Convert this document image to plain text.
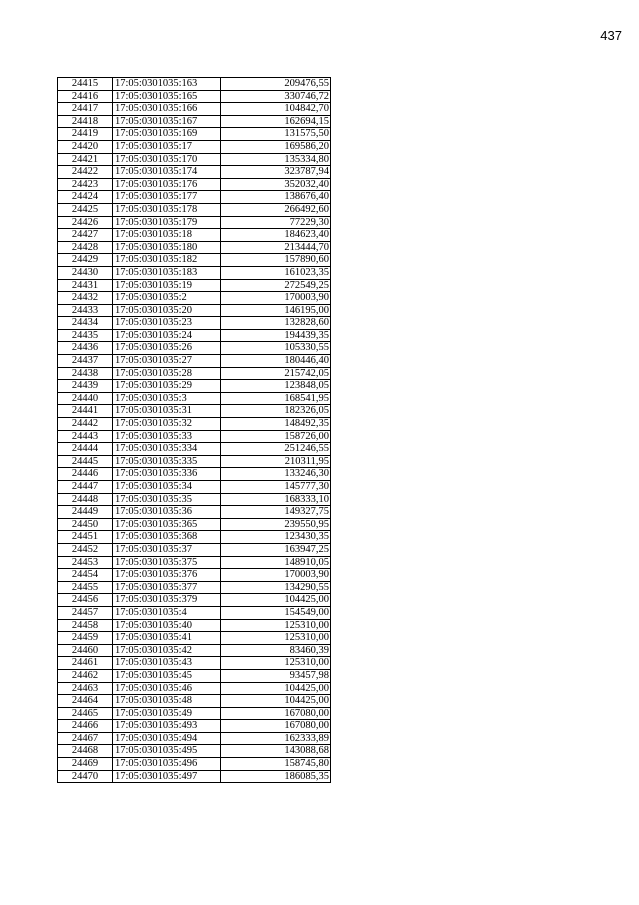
437
24415	17:05:0301035:163	209476,55
24416	17:05:0301035:165	330746,72
24417	17:05:0301035:166	104842,70
24418	17:05:0301035:167	162694,15
24419	17:05:0301035:169	131575,50
24420	17:05:0301035:17	169586,20
24421	17:05:0301035:170	135334,80
24422	17:05:0301035:174	323787,94
24423	17:05:0301035:176	352032,40
24424	17:05:0301035:177	138676,40
24425	17:05:0301035:178	266492,60
24426	17:05:0301035:179	77229,30
24427	17:05:0301035:18	184623,40
24428	17:05:0301035:180	213444,70
24429	17:05:0301035:182	157890,60
24430	17:05:0301035:183	161023,35
24431	17:05:0301035:19	272549,25
24432	17:05:0301035:2	170003,90
24433	17:05:0301035:20	146195,00
24434	17:05:0301035:23	132828,60
24435	17:05:0301035:24	194439,35
24436	17:05:0301035:26	105330,55
24437	17:05:0301035:27	180446,40
24438	17:05:0301035:28	215742,05
24439	17:05:0301035:29	123848,05
24440	17:05:0301035:3	168541,95
24441	17:05:0301035:31	182326,05
24442	17:05:0301035:32	148492,35
24443	17:05:0301035:33	158726,00
24444	17:05:0301035:334	251246,55
24445	17:05:0301035:335	210311,95
24446	17:05:0301035:336	133246,30
24447	17:05:0301035:34	145777,30
24448	17:05:0301035:35	168333,10
24449	17:05:0301035:36	149327,75
24450	17:05:0301035:365	239550,95
24451	17:05:0301035:368	123430,35
24452	17:05:0301035:37	163947,25
24453	17:05:0301035:375	148910,05
24454	17:05:0301035:376	170003,90
24455	17:05:0301035:377	134290,55
24456	17:05:0301035:379	104425,00
24457	17:05:0301035:4	154549,00
24458	17:05:0301035:40	125310,00
24459	17:05:0301035:41	125310,00
24460	17:05:0301035:42	83460,39
24461	17:05:0301035:43	125310,00
24462	17:05:0301035:45	93457,98
24463	17:05:0301035:46	104425,00
24464	17:05:0301035:48	104425,00
24465	17:05:0301035:49	167080,00
24466	17:05:0301035:493	167080,00
24467	17:05:0301035:494	162333,89
24468	17:05:0301035:495	143088,68
24469	17:05:0301035:496	158745,80
24470	17:05:0301035:497	186085,35
